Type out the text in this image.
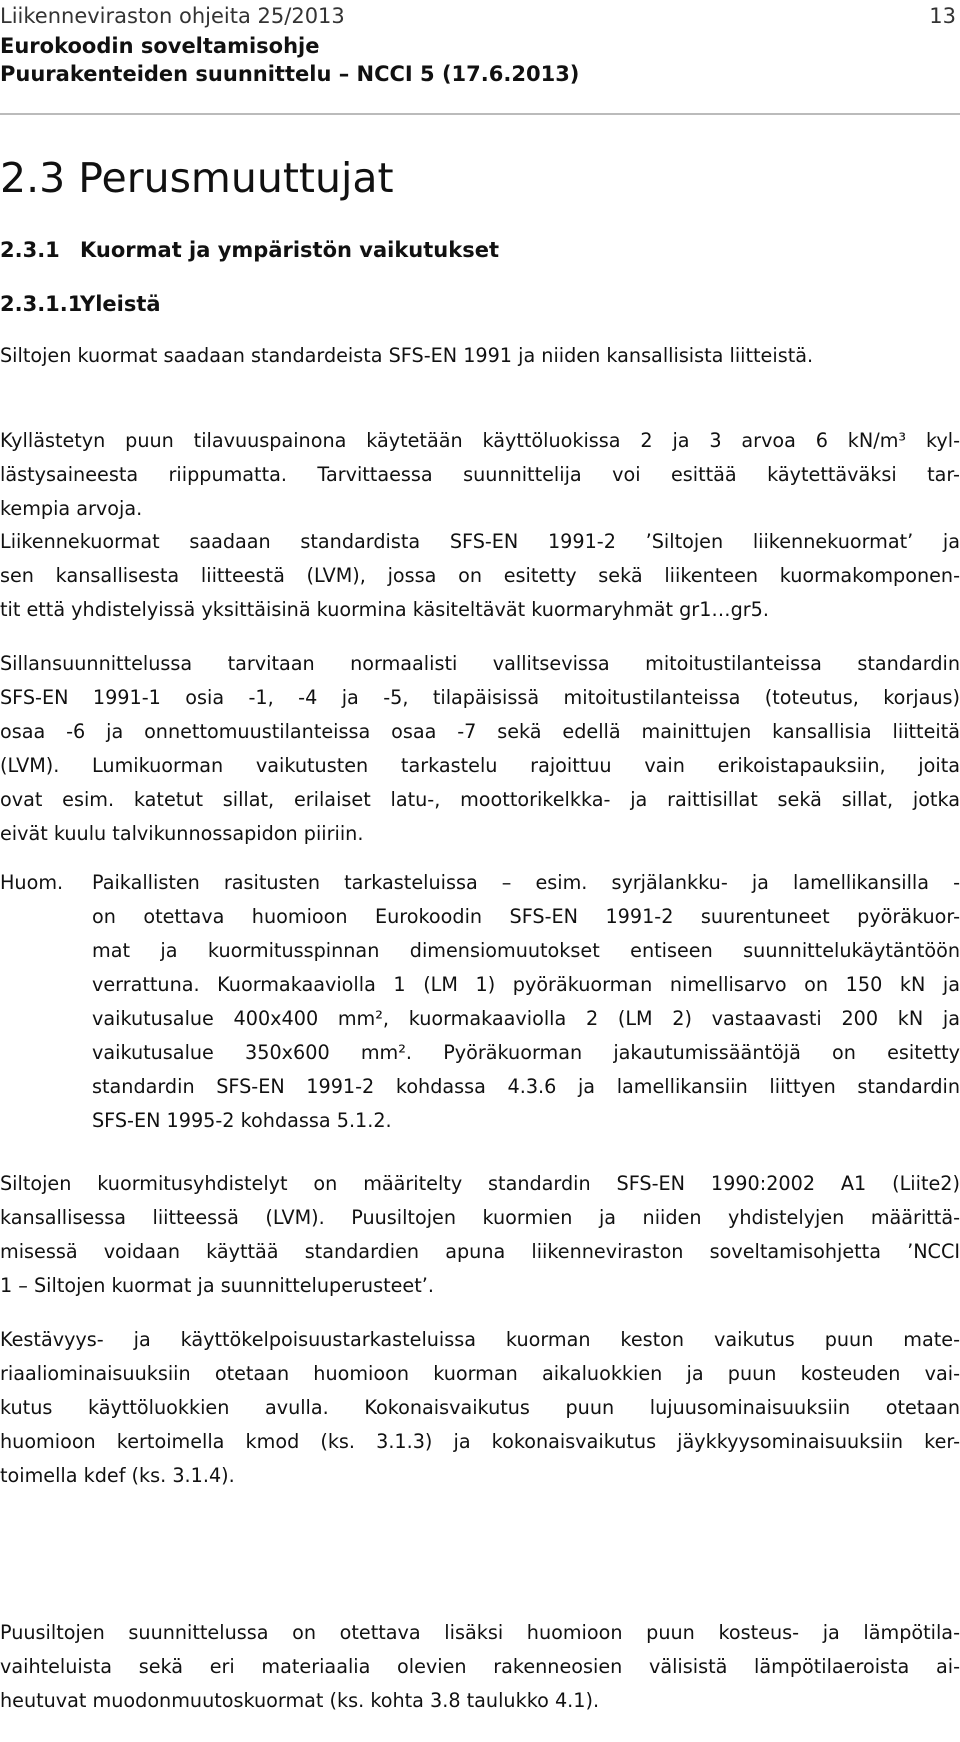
Liikenneviraston ohjeita 25/2013
Eurokoodin soveltamisohje
Puurakenteiden suunnittelu – NCCI 5 (17.6.2013)
13
2.3 Perusmuuttujat
2.3.1 Kuormat ja ympäristön vaikutukset
2.3.1.1Yleistä
Siltojen kuormat saadaan standardeista SFS-EN 1991 ja niiden kansallisista liitteistä.
Kyllästetyn puun tilavuuspainona käytetään käyttöluokissa 2 ja 3 arvoa 6 kN/m³ kyl-
lästysaineesta riippumatta. Tarvittaessa suunnittelija voi esittää käytettäväksi tar-
kempia arvoja.
Liikennekuormat saadaan standardista SFS-EN 1991-2 ’Siltojen liikennekuormat’ ja
sen kansallisesta liitteestä (LVM), jossa on esitetty sekä liikenteen kuormakomponen-
tit että yhdistelyissä yksittäisinä kuormina käsiteltävät kuormaryhmät gr1…gr5.
Sillansuunnittelussa tarvitaan normaalisti vallitsevissa mitoitustilanteissa standardin
SFS-EN 1991-1 osia -1, -4 ja -5, tilapäisissä mitoitustilanteissa (toteutus, korjaus)
osaa -6 ja onnettomuustilanteissa osaa -7 sekä edellä mainittujen kansallisia liitteitä
(LVM). Lumikuorman vaikutusten tarkastelu rajoittuu vain erikoistapauksiin, joita
ovat esim. katetut sillat, erilaiset latu-, moottorikelkka- ja raittisillat sekä sillat, jotka
eivät kuulu talvikunnossapidon piiriin.
Huom. Paikallisten rasitusten tarkasteluissa – esim. syrjälankku- ja lamellikansilla -
on otettava huomioon Eurokoodin SFS-EN 1991-2 suurentuneet pyöräkuor-
mat ja kuormitusspinnan dimensiomuutokset entiseen suunnittelukäytäntöön
verrattuna. Kuormakaaviolla 1 (LM 1) pyöräkuorman nimellisarvo on 150 kN ja
vaikutusalue 400x400 mm², kuormakaaviolla 2 (LM 2) vastaavasti 200 kN ja
vaikutusalue 350x600 mm². Pyöräkuorman jakautumissääntöjä on esitetty
standardin SFS-EN 1991-2 kohdassa 4.3.6 ja lamellikansiin liittyen standardin
SFS-EN 1995-2 kohdassa 5.1.2.
Siltojen kuormitusyhdistelyt on määritelty standardin SFS-EN 1990:2002 A1 (Liite2)
kansallisessa liitteessä (LVM). Puusiltojen kuormien ja niiden yhdistelyjen määrittä-
misessä voidaan käyttää standardien apuna liikenneviraston soveltamisohjetta ’NCCI
1 – Siltojen kuormat ja suunnitteluperusteet’.
Kestävyys- ja käyttökelpoisuustarkasteluissa kuorman keston vaikutus puun mate-
riaaliominaisuuksiin otetaan huomioon kuorman aikaluokkien ja puun kosteuden vai-
kutus käyttöluokkien avulla. Kokonaisvaikutus puun lujuusominaisuuksiin otetaan
huomioon kertoimella kmod (ks. 3.1.3) ja kokonaisvaikutus jäykkyysominaisuuksiin ker-
toimella kdef (ks. 3.1.4).
Puusiltojen suunnittelussa on otettava lisäksi huomioon puun kosteus- ja lämpötila-
vaihteluista sekä eri materiaalia olevien rakenneosien välisistä lämpötilaeroista ai-
heutuvat muodonmuutoskuormat (ks. kohta 3.8 taulukko 4.1).
